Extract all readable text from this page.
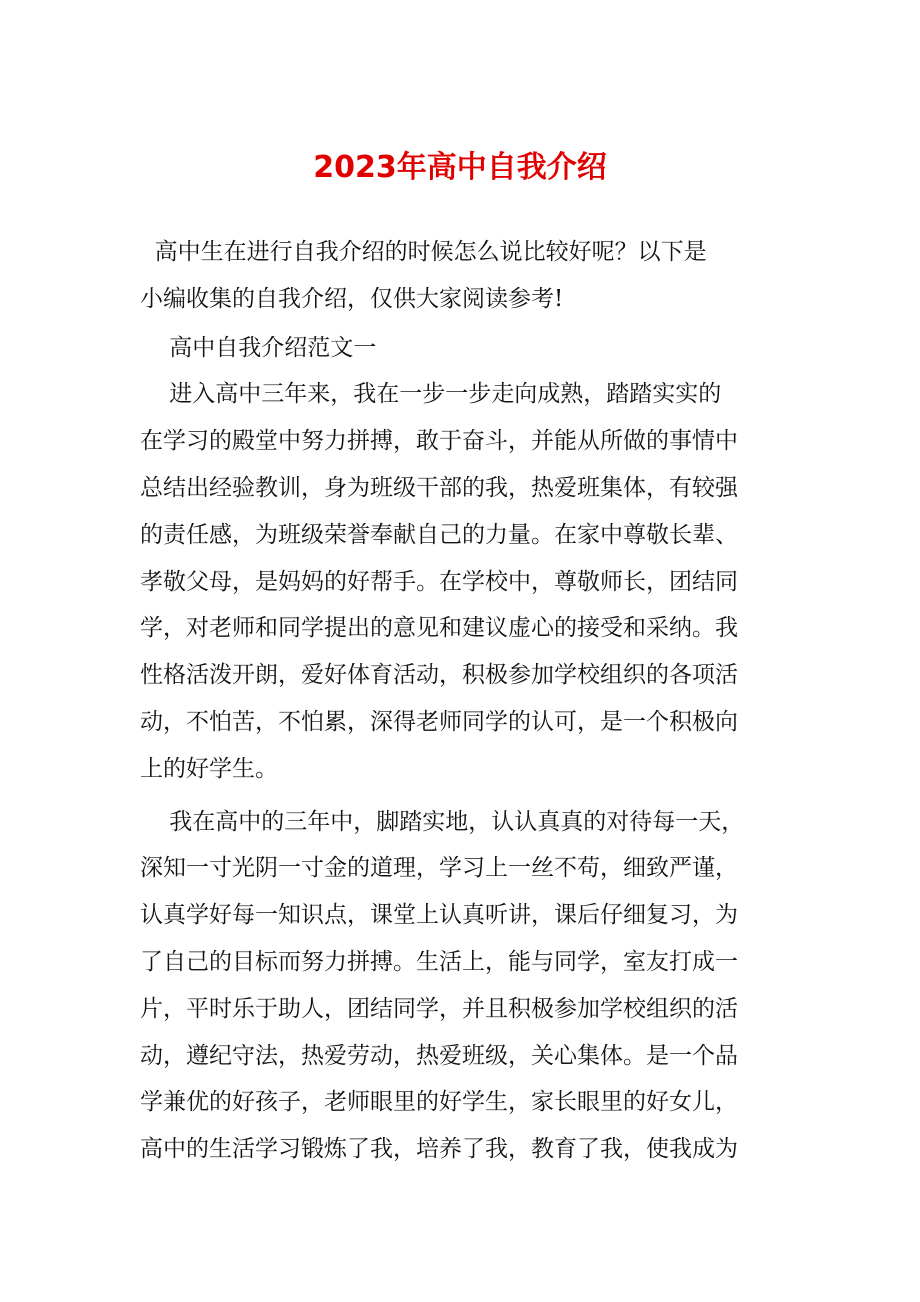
2023年高中自我介绍
高中生在进行自我介绍的时候怎么说比较好呢？以下是
小编收集的自我介绍，仅供大家阅读参考!
高中自我介绍范文一
进入高中三年来，我在一步一步走向成熟，踏踏实实的
在学习的殿堂中努力拼搏，敢于奋斗，并能从所做的事情中
总结出经验教训，身为班级干部的我，热爱班集体，有较强
的责任感，为班级荣誉奉献自己的力量。在家中尊敬长辈、
孝敬父母，是妈妈的好帮手。在学校中，尊敬师长，团结同
学，对老师和同学提出的意见和建议虚心的接受和采纳。我
性格活泼开朗，爱好体育活动，积极参加学校组织的各项活
动，不怕苦，不怕累，深得老师同学的认可，是一个积极向
上的好学生。
我在高中的三年中，脚踏实地，认认真真的对待每一天，
深知一寸光阴一寸金的道理，学习上一丝不苟，细致严谨，
认真学好每一知识点，课堂上认真听讲，课后仔细复习，为
了自己的目标而努力拼搏。生活上，能与同学，室友打成一
片，平时乐于助人，团结同学，并且积极参加学校组织的活
动，遵纪守法，热爱劳动，热爱班级，关心集体。是一个品
学兼优的好孩子，老师眼里的好学生，家长眼里的好女儿，
高中的生活学习锻炼了我，培养了我，教育了我，使我成为
